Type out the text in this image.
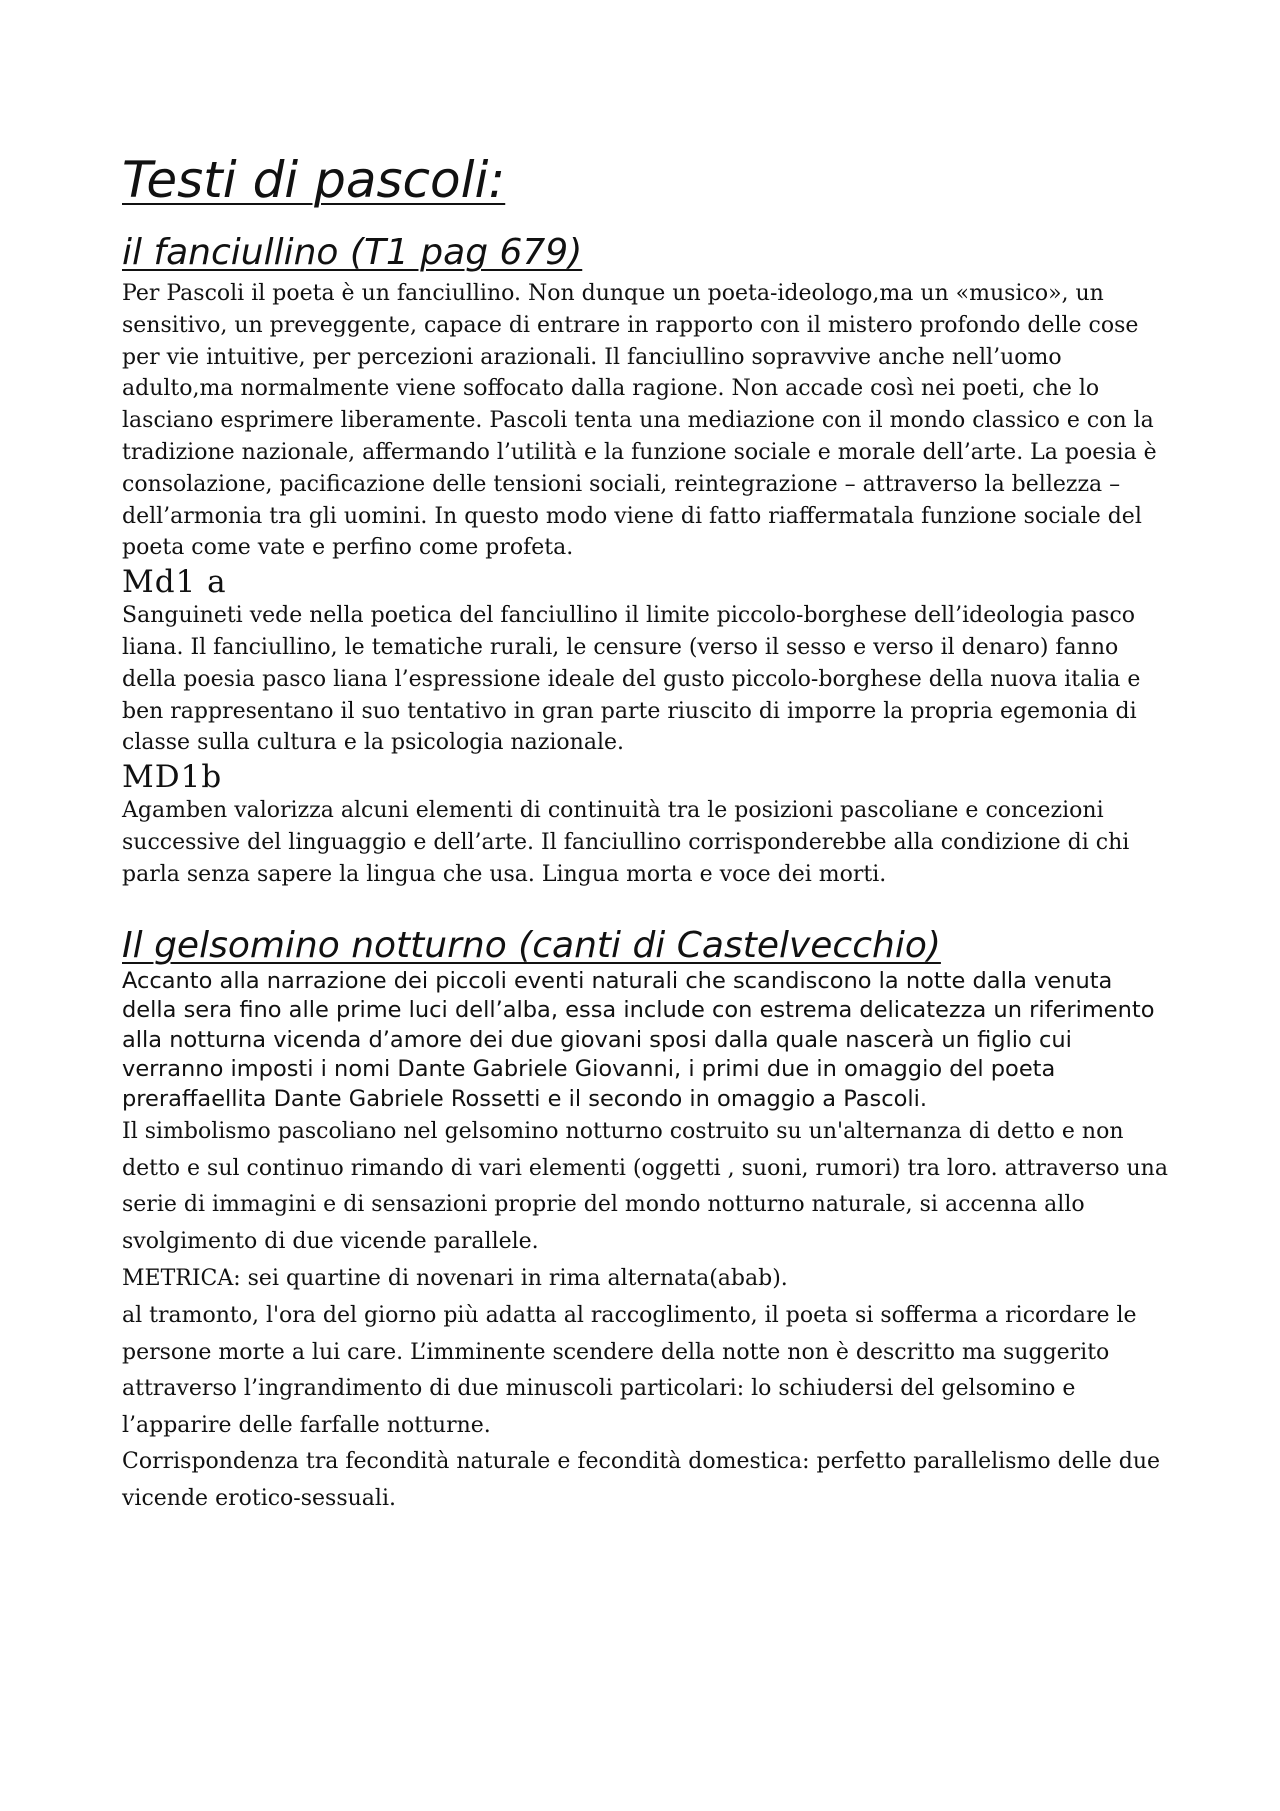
Testi di pascoli:
il fanciullino (T1 pag 679)

Per Pascoli il poeta è un fanciullino. Non dunque un poeta-ideologo,ma un «musico», un sensitivo, un preveggente, capace di entrare in rapporto con il mistero profondo delle cose per vie intuitive, per percezioni arazionali. Il fanciullino sopravvive anche nell’uomo adulto,ma normalmente viene soffocato dalla ragione. Non accade così nei poeti, che lo lasciano esprimere liberamente. Pascoli tenta una mediazione con il mondo classico e con la tradizione nazionale, affermando l’utilità e la funzione sociale e morale dell’arte. La poesia è consolazione, pacificazione delle tensioni sociali, reintegrazione – attraverso la bellezza – dell’armonia tra gli uomini. In questo modo viene di fatto riaffermatala funzione sociale del poeta come vate e perfino come profeta.

Md1 a

Sanguineti vede nella poetica del fanciullino il limite piccolo-borghese dell’ideologia pasco liana. Il fanciullino, le tematiche rurali, le censure (verso il sesso e verso il denaro) fanno della poesia pasco liana l’espressione ideale del gusto piccolo-borghese della nuova italia e ben rappresentano il suo tentativo in gran parte riuscito di imporre la propria egemonia di classe sulla cultura e la psicologia nazionale.

MD1b

Agamben valorizza alcuni elementi di continuità tra le posizioni pascoliane e concezioni successive del linguaggio e dell’arte. Il fanciullino corrisponderebbe alla condizione di chi parla senza sapere la lingua che usa. Lingua morta e voce dei morti.

Il gelsomino notturno (canti di Castelvecchio)

Accanto alla narrazione dei piccoli eventi naturali che scandiscono la notte dalla venuta della sera fino alle prime luci dell’alba, essa include con estrema delicatezza un riferimento alla notturna vicenda d’amore dei due giovani sposi dalla quale nascerà un figlio cui verranno imposti i nomi Dante Gabriele Giovanni, i primi due in omaggio del poeta preraffaellita Dante Gabriele Rossetti e il secondo in omaggio a Pascoli.

Il simbolismo pascoliano nel gelsomino notturno costruito su un'alternanza di detto e non detto e sul continuo rimando di vari elementi (oggetti , suoni, rumori) tra loro. attraverso una serie di immagini e di sensazioni proprie del mondo notturno naturale, si accenna allo svolgimento di due vicende parallele.

METRICA: sei quartine di novenari in rima alternata(abab).

al tramonto, l'ora del giorno più adatta al raccoglimento, il poeta si sofferma a ricordare le persone morte a lui care. L’imminente scendere della notte non è descritto ma suggerito attraverso l’ingrandimento di due minuscoli particolari: lo schiudersi del gelsomino e l’apparire delle farfalle notturne.

Corrispondenza tra fecondità naturale e fecondità domestica: perfetto parallelismo delle due vicende erotico-sessuali.
